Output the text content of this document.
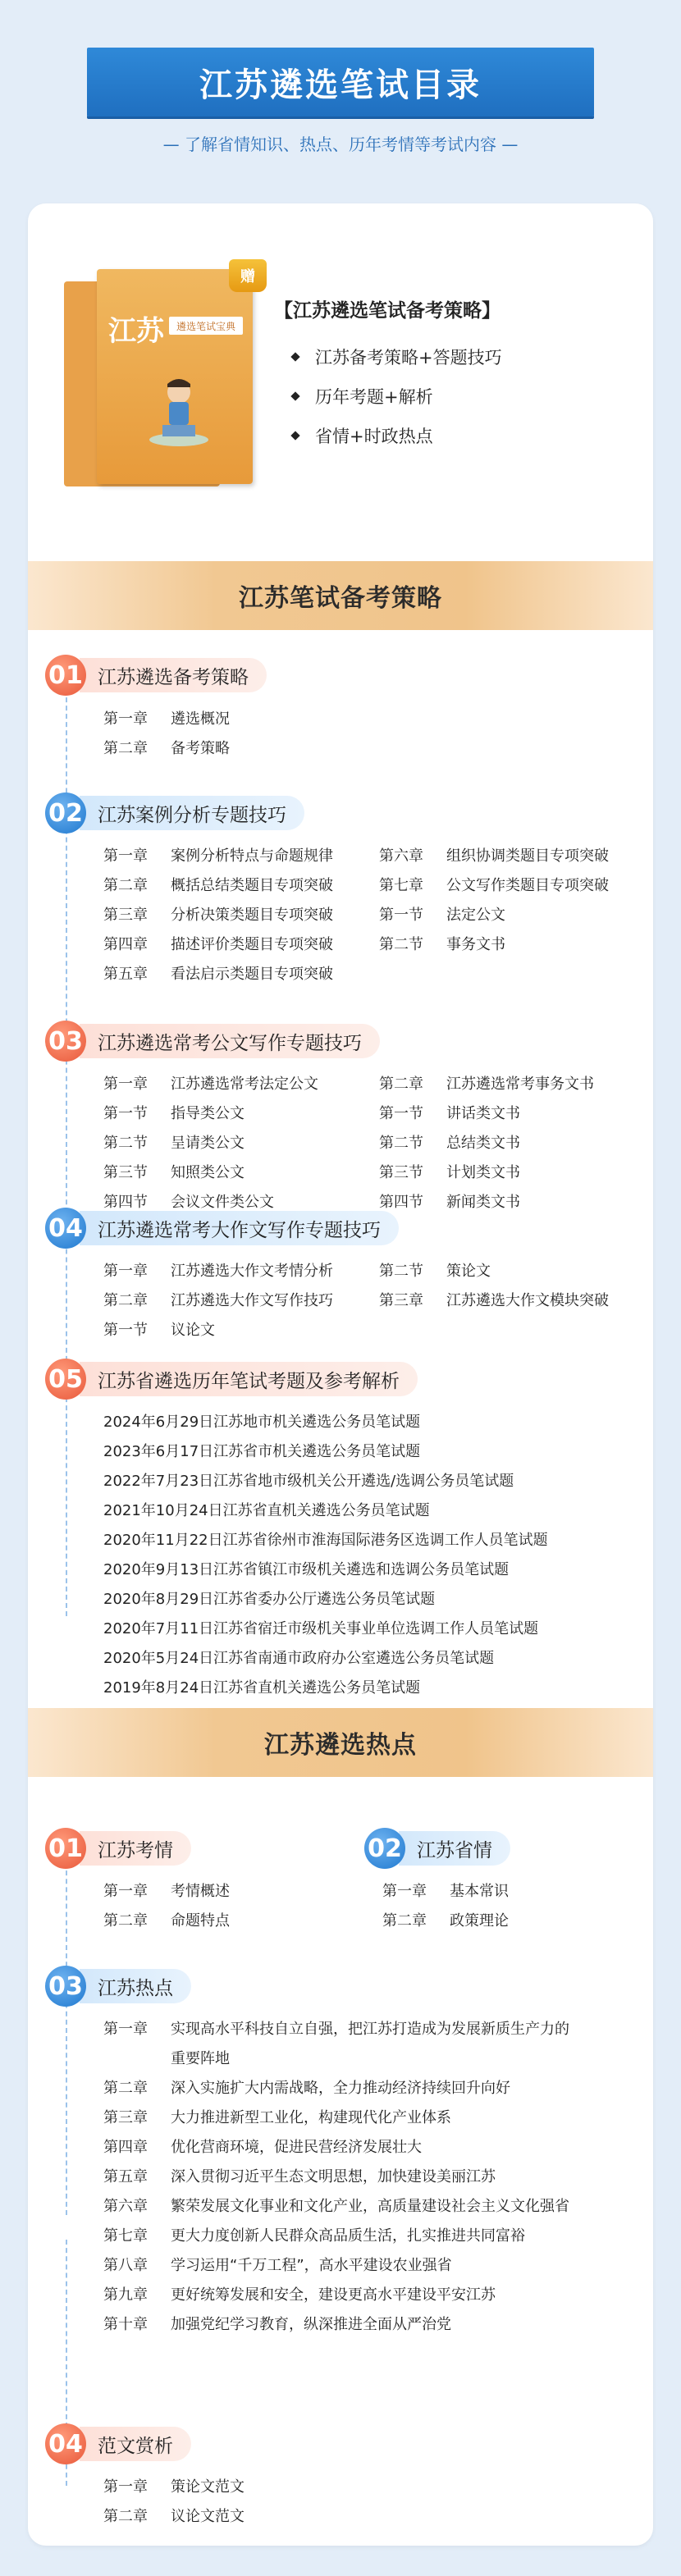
江苏遴选笔试目录
— 了解省情知识、热点、历年考情等考试内容 —
江苏	遴选笔试宝典
赠
【江苏遴选笔试备考策略】
江苏备考策略+答题技巧
历年考题+解析
省情+时政热点
江苏笔试备考策略
01 江苏遴选备考策略
第一章 遴选概况
第二章 备考策略
02 江苏案例分析专题技巧
第一章 案例分析特点与命题规律
第二章 概括总结类题目专项突破
第三章 分析决策类题目专项突破
第四章 描述评价类题目专项突破
第五章 看法启示类题目专项突破
第六章 组织协调类题目专项突破
第七章 公文写作类题目专项突破
第一节 法定公文
第二节 事务文书
03 江苏遴选常考公文写作专题技巧
第一章 江苏遴选常考法定公文
第一节 指导类公文
第二节 呈请类公文
第三节 知照类公文
第四节 会议文件类公文
第二章 江苏遴选常考事务文书
第一节 讲话类文书
第二节 总结类文书
第三节 计划类文书
第四节 新闻类文书
04 江苏遴选常考大作文写作专题技巧
第一章 江苏遴选大作文考情分析
第二章 江苏遴选大作文写作技巧
第一节 议论文
第二节 策论文
第三章 江苏遴选大作文模块突破
05 江苏省遴选历年笔试考题及参考解析
2024年6月29日江苏地市机关遴选公务员笔试题
2023年6月17日江苏省市机关遴选公务员笔试题
2022年7月23日江苏省地市级机关公开遴选/选调公务员笔试题
2021年10月24日江苏省直机关遴选公务员笔试题
2020年11月22日江苏省徐州市淮海国际港务区选调工作人员笔试题
2020年9月13日江苏省镇江市级机关遴选和选调公务员笔试题
2020年8月29日江苏省委办公厅遴选公务员笔试题
2020年7月11日江苏省宿迁市级机关事业单位选调工作人员笔试题
2020年5月24日江苏省南通市政府办公室遴选公务员笔试题
2019年8月24日江苏省直机关遴选公务员笔试题
江苏遴选热点
01 江苏考情
第一章 考情概述
第二章 命题特点
02 江苏省情
第一章 基本常识
第二章 政策理论
03 江苏热点
第一章 实现高水平科技自立自强，把江苏打造成为发展新质生产力的
重要阵地
第二章 深入实施扩大内需战略，全力推动经济持续回升向好
第三章 大力推进新型工业化，构建现代化产业体系
第四章 优化营商环境，促进民营经济发展壮大
第五章 深入贯彻习近平生态文明思想，加快建设美丽江苏
第六章 繁荣发展文化事业和文化产业，高质量建设社会主义文化强省
第七章 更大力度创新人民群众高品质生活，扎实推进共同富裕
第八章 学习运用“千万工程”，高水平建设农业强省
第九章 更好统筹发展和安全，建设更高水平建设平安江苏
第十章 加强党纪学习教育，纵深推进全面从严治党
04 范文赏析
第一章 策论文范文
第二章 议论文范文
